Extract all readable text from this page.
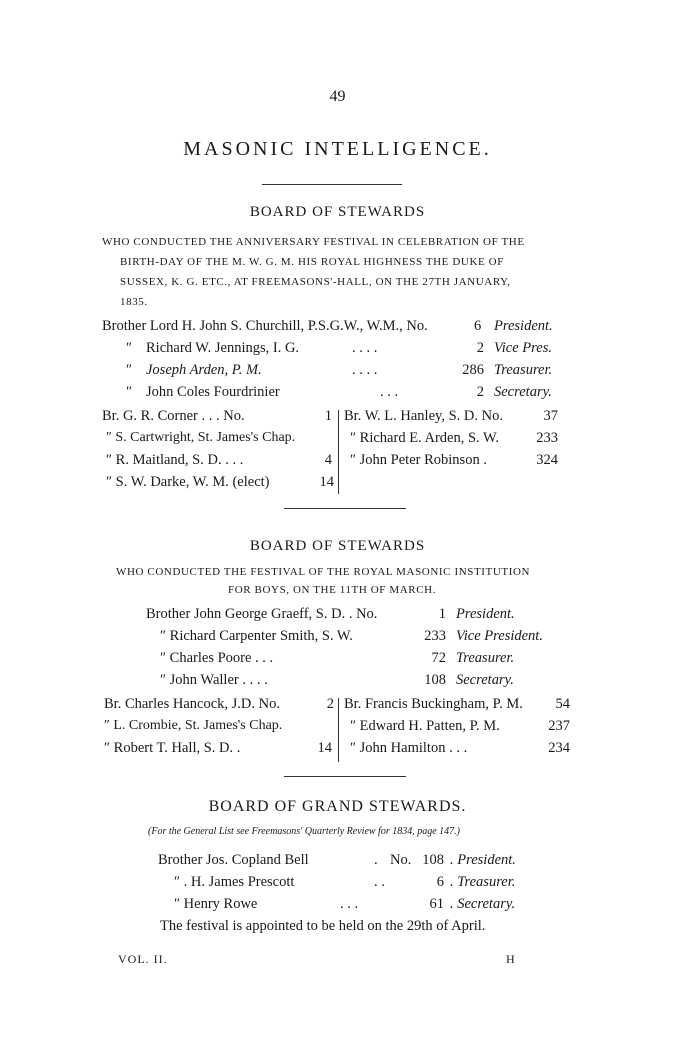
49
MASONIC INTELLIGENCE.
BOARD OF STEWARDS
WHO CONDUCTED THE ANNIVERSARY FESTIVAL IN CELEBRATION OF THE
BIRTH-DAY OF THE M. W. G. M. HIS ROYAL HIGHNESS THE DUKE OF
SUSSEX, K. G. ETC., AT FREEMASONS'-HALL, ON THE 27TH JANUARY,
1835.
Brother Lord H. John S. Churchill, P.S.G.W., W.M., No.	6 President.
″ Richard W. Jennings, I. G.	. . . .	2 Vice Pres.
″ Joseph Arden, P. M.	. . . .	286 Treasurer.
″ John Coles Fourdrinier	. . .	2 Secretary.
Br. G. R. Corner . . . No.	1
″ S. Cartwright, St. James's Chap.
″ R. Maitland, S. D. . . .	4
″ S. W. Darke, W. M. (elect)	14
Br. W. L. Hanley, S. D. No.	37
″ Richard E. Arden, S. W.	233
″ John Peter Robinson .	324
BOARD OF STEWARDS
WHO CONDUCTED THE FESTIVAL OF THE ROYAL MASONIC INSTITUTION
FOR BOYS, ON THE 11TH OF MARCH.
Brother John George Graeff, S. D. . No.	1 President.
″ Richard Carpenter Smith, S. W.	233 Vice President.
″ Charles Poore . . .	72 Treasurer.
″ John Waller . . . .	108 Secretary.
Br. Charles Hancock, J.D. No.	2
″ L. Crombie, St. James's Chap.
″ Robert T. Hall, S. D. .	14
Br. Francis Buckingham, P. M.	54
″ Edward H. Patten, P. M.	237
″ John Hamilton . . .	234
BOARD OF GRAND STEWARDS.
(For the General List see Freemasons' Quarterly Review for 1834, page 147.)
Brother Jos. Copland Bell	. No. 108 . President.
″ . H. James Prescott	. .	6 . Treasurer.
″ Henry Rowe	. . .	61 . Secretary.
The festival is appointed to be held on the 29th of April.
VOL. II.	H
